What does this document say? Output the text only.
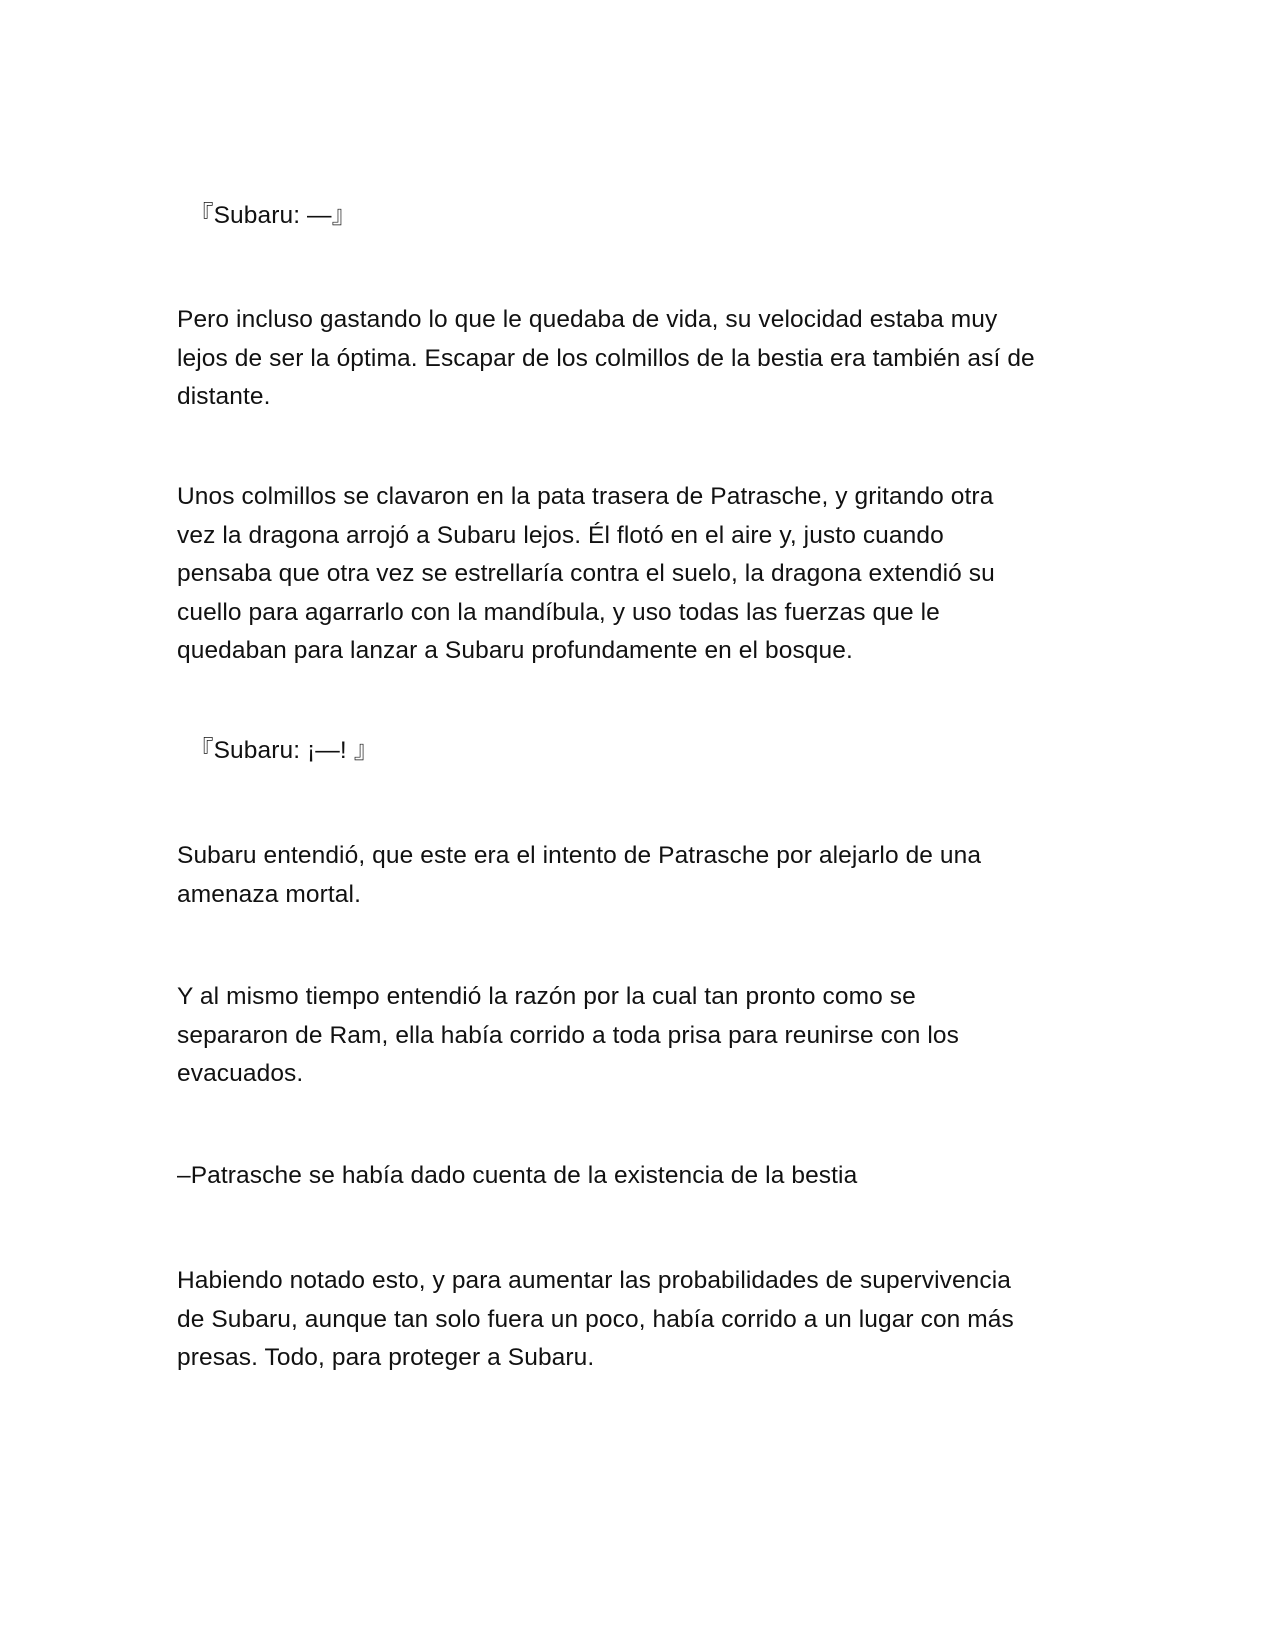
『Subaru: —』

Pero incluso gastando lo que le quedaba de vida, su velocidad estaba muy
lejos de ser la óptima. Escapar de los colmillos de la bestia era también así de
distante.

Unos colmillos se clavaron en la pata trasera de Patrasche, y gritando otra
vez la dragona arrojó a Subaru lejos. Él flotó en el aire y, justo cuando
pensaba que otra vez se estrellaría contra el suelo, la dragona extendió su
cuello para agarrarlo con la mandíbula, y uso todas las fuerzas que le
quedaban para lanzar a Subaru profundamente en el bosque.

『Subaru: ¡—! 』

Subaru entendió, que este era el intento de Patrasche por alejarlo de una
amenaza mortal.

Y al mismo tiempo entendió la razón por la cual tan pronto como se
separaron de Ram, ella había corrido a toda prisa para reunirse con los
evacuados.

–Patrasche se había dado cuenta de la existencia de la bestia

Habiendo notado esto, y para aumentar las probabilidades de supervivencia
de Subaru, aunque tan solo fuera un poco, había corrido a un lugar con más
presas. Todo, para proteger a Subaru.
